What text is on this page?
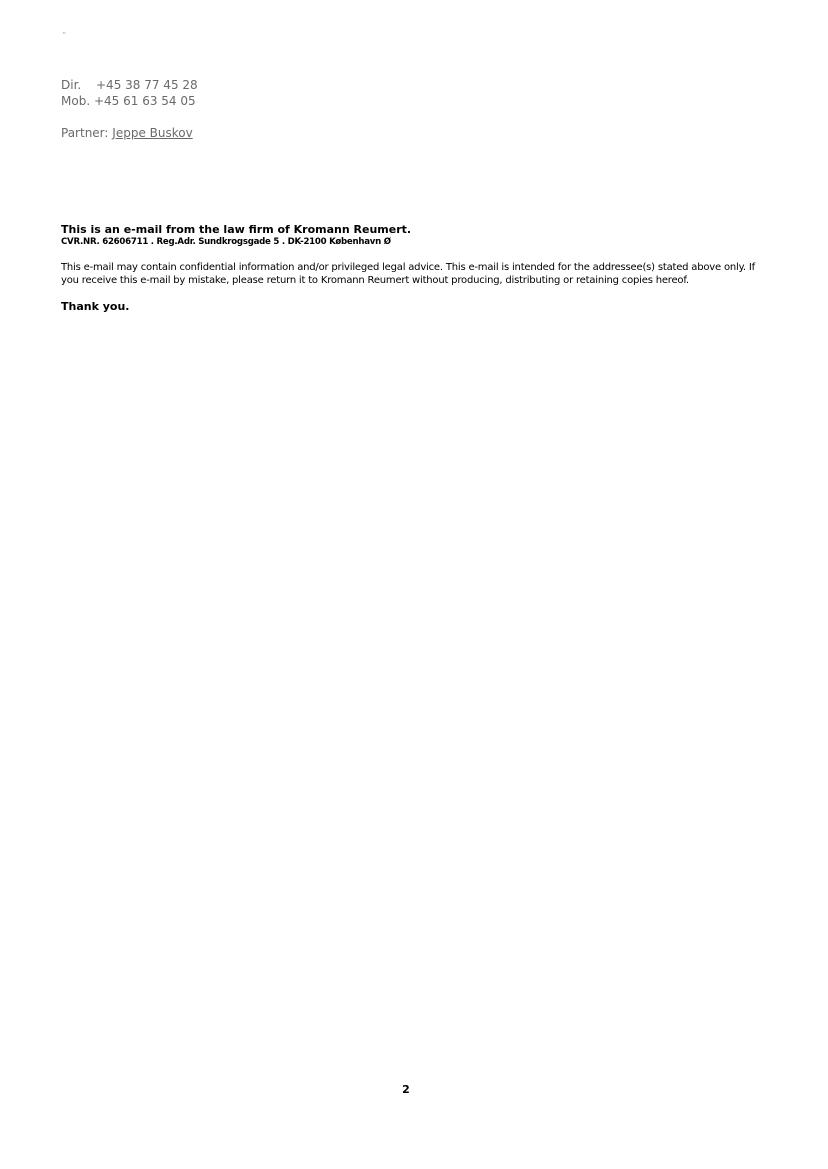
”
Dir. +45 38 77 45 28
Mob. +45 61 63 54 05
Partner: Jeppe Buskov
This is an e-mail from the law firm of Kromann Reumert.
CVR.NR. 62606711 . Reg.Adr. Sundkrogsgade 5 . DK-2100 København Ø
This e-mail may contain confidential information and/or privileged legal advice. This e-mail is intended for the addressee(s) stated above only. If you receive this e-mail by mistake, please return it to Kromann Reumert without producing, distributing or retaining copies hereof.
Thank you.
2
